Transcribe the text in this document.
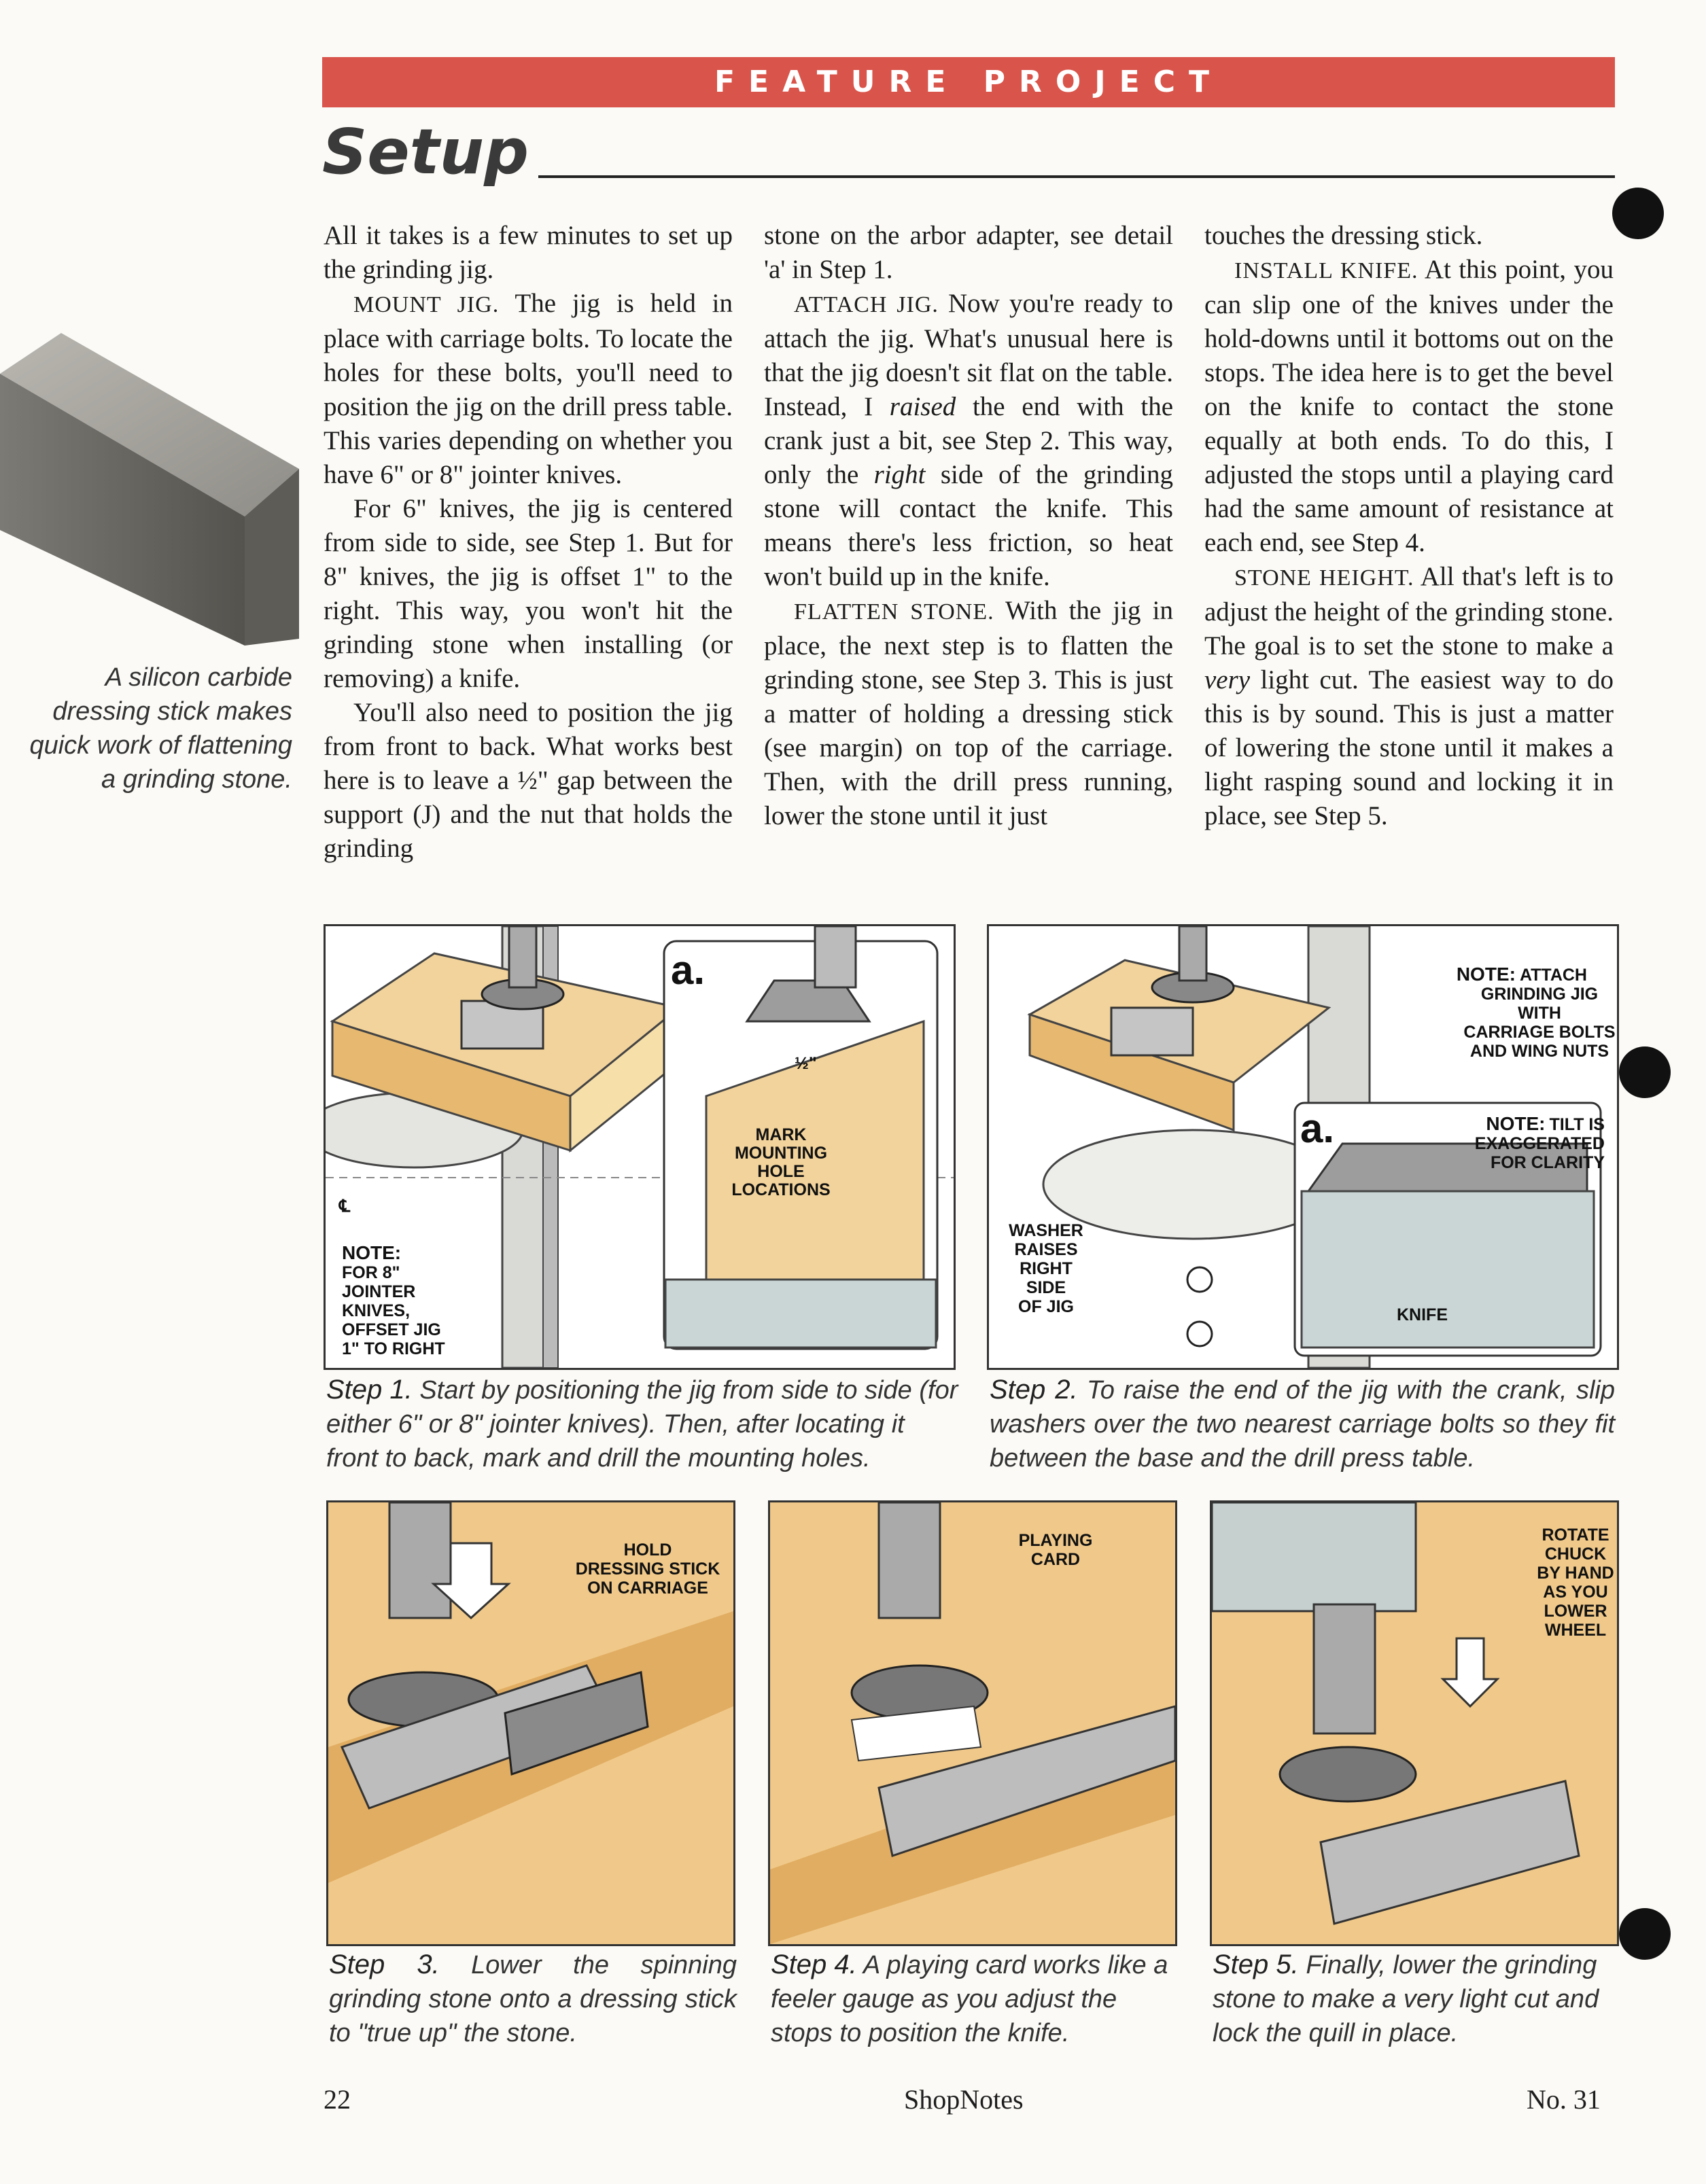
FEATURE PROJECT
Setup
A silicon carbide dressing stick makes quick work of flattening a grinding stone.

All it takes is a few minutes to set up the grinding jig.

MOUNT JIG. The jig is held in place with carriage bolts. To locate the holes for these bolts, you'll need to position the jig on the drill press table. This varies depending on whether you have 6" or 8" jointer knives.

For 6" knives, the jig is centered from side to side, see Step 1. But for 8" knives, the jig is offset 1" to the right. This way, you won't hit the grinding stone when installing (or removing) a knife.

You'll also need to position the jig from front to back. What works best here is to leave a ½" gap between the support (J) and the nut that holds the grinding

stone on the arbor adapter, see detail 'a' in Step 1.

ATTACH JIG. Now you're ready to attach the jig. What's unusual here is that the jig doesn't sit flat on the table. Instead, I raised the end with the crank just a bit, see Step 2. This way, only the right side of the grinding stone will contact the knife. This means there's less friction, so heat won't build up in the knife.

FLATTEN STONE. With the jig in place, the next step is to flatten the grinding stone, see Step 3. This is just a matter of holding a dressing stick (see margin) on top of the carriage. Then, with the drill press running, lower the stone until it just

touches the dressing stick.

INSTALL KNIFE. At this point, you can slip one of the knives under the hold-downs until it bottoms out on the stops. The idea here is to get the bevel on the knife to contact the stone equally at both ends. To do this, I adjusted the stops until a playing card had the same amount of resistance at each end, see Step 4.

STONE HEIGHT. All that's left is to adjust the height of the grinding stone. The goal is to set the stone to make a very light cut. The easiest way to do this is by sound. This is just a matter of lowering the stone until it makes a light rasping sound and locking it in place, see Step 5.

a.
½"
MARK
MOUNTING
HOLE
LOCATIONS
NOTE:
FOR 8"
JOINTER
KNIVES,
OFFSET JIG
1" TO RIGHT
℄
Step 1. Start by positioning the jig from side to side (for either 6" or 8" jointer knives). Then, after locating it front to back, mark and drill the mounting holes.
a.
NOTE: ATTACH
GRINDING JIG
WITH
CARRIAGE BOLTS
AND WING NUTS
NOTE: TILT IS
EXAGGERATED
FOR CLARITY
WASHER
RAISES
RIGHT
SIDE
OF JIG	KNIFE
Step 2. To raise the end of the jig with the crank, slip washers over the two nearest carriage bolts so they fit between the base and the drill press table.
HOLD
DRESSING STICK
ON CARRIAGE
Step 3. Lower the spinning grinding stone onto a dressing stick to "true up" the stone.
PLAYING
CARD
Step 4. A playing card works like a feeler gauge as you adjust the stops to position the knife.
ROTATE
CHUCK
BY HAND
AS YOU
LOWER
WHEEL
Step 5. Finally, lower the grinding stone to make a very light cut and lock the quill in place.
22	ShopNotes	No. 31
